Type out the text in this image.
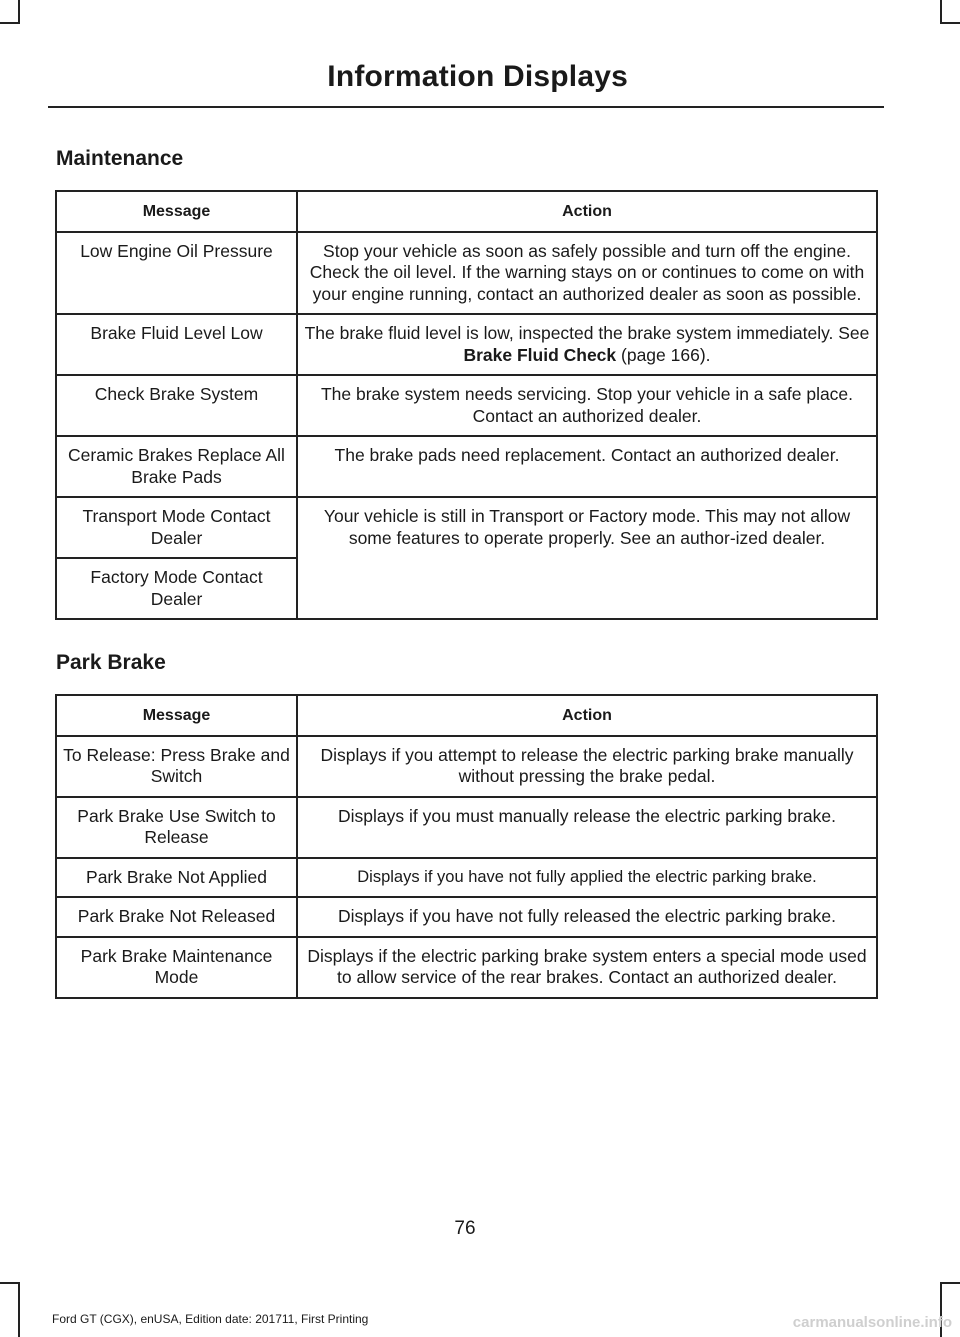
Information Displays
Maintenance
Message	Action
Low Engine Oil Pressure	Stop your vehicle as soon as safely possible and turn off the engine. Check the oil level. If the warning stays on or continues to come on with your engine running, contact an authorized dealer as soon as possible.
Brake Fluid Level Low	The brake fluid level is low, inspected the brake system immediately. See Brake Fluid Check (page 166).
Check Brake System	The brake system needs servicing. Stop your vehicle in a safe place. Contact an authorized dealer.
Ceramic Brakes Replace All Brake Pads	The brake pads need replacement. Contact an authorized dealer.
Transport Mode Contact Dealer	Your vehicle is still in Transport or Factory mode. This may not allow some features to operate properly. See an author-ized dealer.
Factory Mode Contact Dealer	
Park Brake
Message	Action
To Release: Press Brake and Switch	Displays if you attempt to release the electric parking brake manually without pressing the brake pedal.
Park Brake Use Switch to Release	Displays if you must manually release the electric parking brake.
Park Brake Not Applied	Displays if you have not fully applied the electric parking brake.
Park Brake Not Released	Displays if you have not fully released the electric parking brake.
Park Brake Maintenance Mode	Displays if the electric parking brake system enters a special mode used to allow service of the rear brakes. Contact an authorized dealer.
76
Ford GT (CGX), enUSA, Edition date: 201711, First Printing	carmanualsonline.info
